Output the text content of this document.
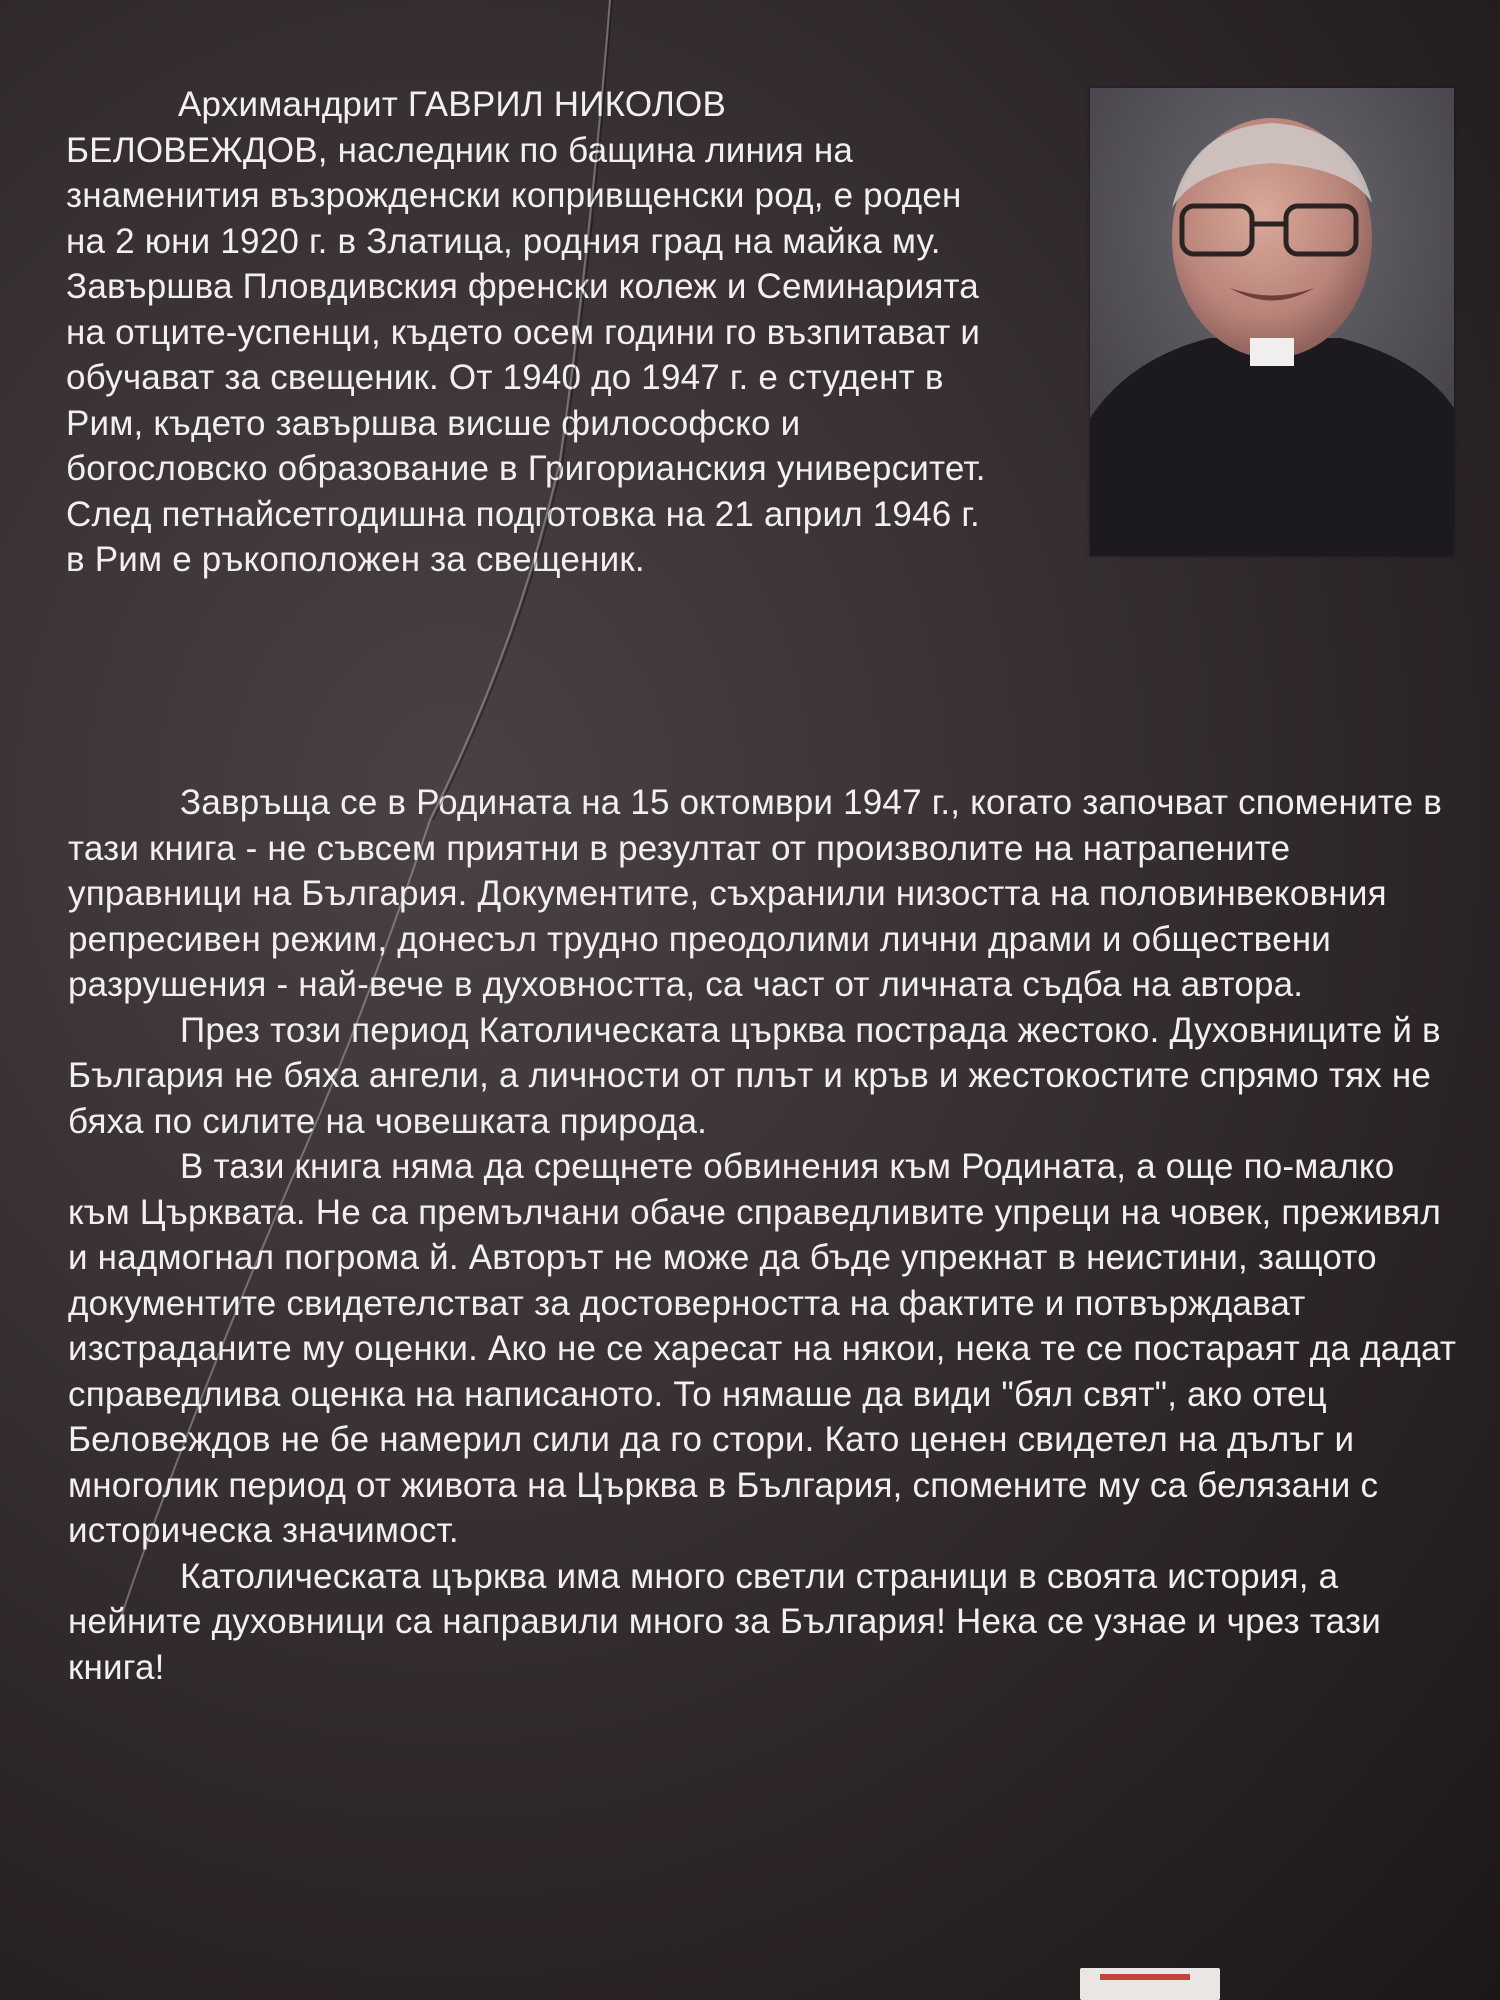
Архимандрит ГАВРИЛ НИКОЛОВ БЕЛОВЕЖДОВ, наследник по бащина линия на знаменития възрожденски копривщенски род, е роден на 2 юни 1920 г. в Златица, родния град на майка му. Завършва Пловдивския френски колеж и Семинарията на отците-успенци, където осем години го възпитават и обучават за свещеник. От 1940 до 1947 г. е студент в Рим, където завършва висше философско и богословско образование в Григорианския университет. След петнайсетгодишна подготовка на 21 април 1946 г. в Рим е ръкоположен за свещеник.

Завръща се в Родината на 15 октомври 1947 г., когато започват спомените в тази книга - не съвсем приятни в резултат от произволите на натрапените управници на България. Документите, съхранили низостта на половинвековния репресивен режим, донесъл трудно преодолими лични драми и обществени разрушения - най-вече в духовността, са част от личната съдба на автора.

През този период Католическата църква пострада жестоко. Духовниците й в България не бяха ангели, а личности от плът и кръв и жестокостите спрямо тях не бяха по силите на човешката природа.

В тази книга няма да срещнете обвинения към Родината, а още по-малко към Църквата. Не са премълчани обаче справедливите упреци на човек, преживял и надмогнал погрома й. Авторът не може да бъде упрекнат в неистини, защото документите свидетелстват за достоверността на фактите и потвърждават изстраданите му оценки. Ако не се харесат на някои, нека те се постараят да дадат справедлива оценка на написаното. То нямаше да види "бял свят", ако отец Беловеждов не бе намерил сили да го стори. Като ценен свидетел на дълъг и многолик период от живота на Църква в България, спомените му са белязани с историческа значимост.

Католическата църква има много светли страници в своята история, а нейните духовници са направили много за България! Нека се узнае и чрез тази книга!
